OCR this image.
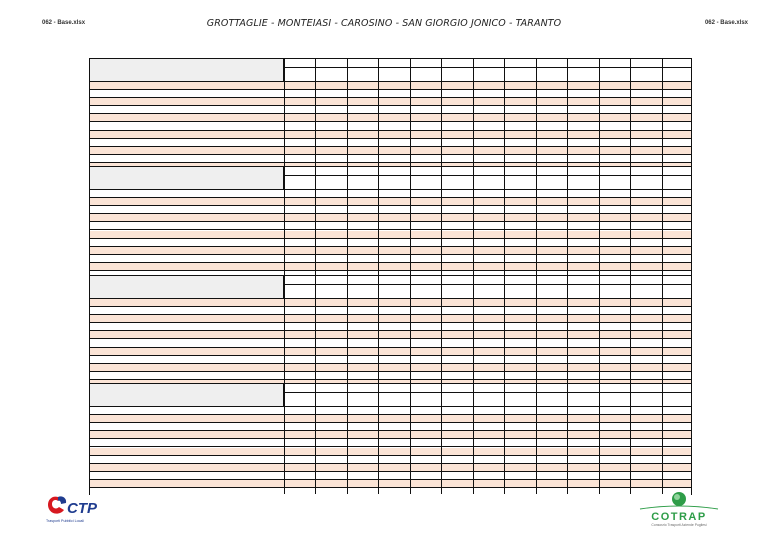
062 - Base.xlsx	GROTTAGLIE - MONTEIASI - CAROSINO - SAN GIORGIO JONICO - TARANTO	062 - Base.xlsx
CTP
Trasporti Pubblici Locali	COTRAP
Consorzio Trasporti Aziende Pugliesi
